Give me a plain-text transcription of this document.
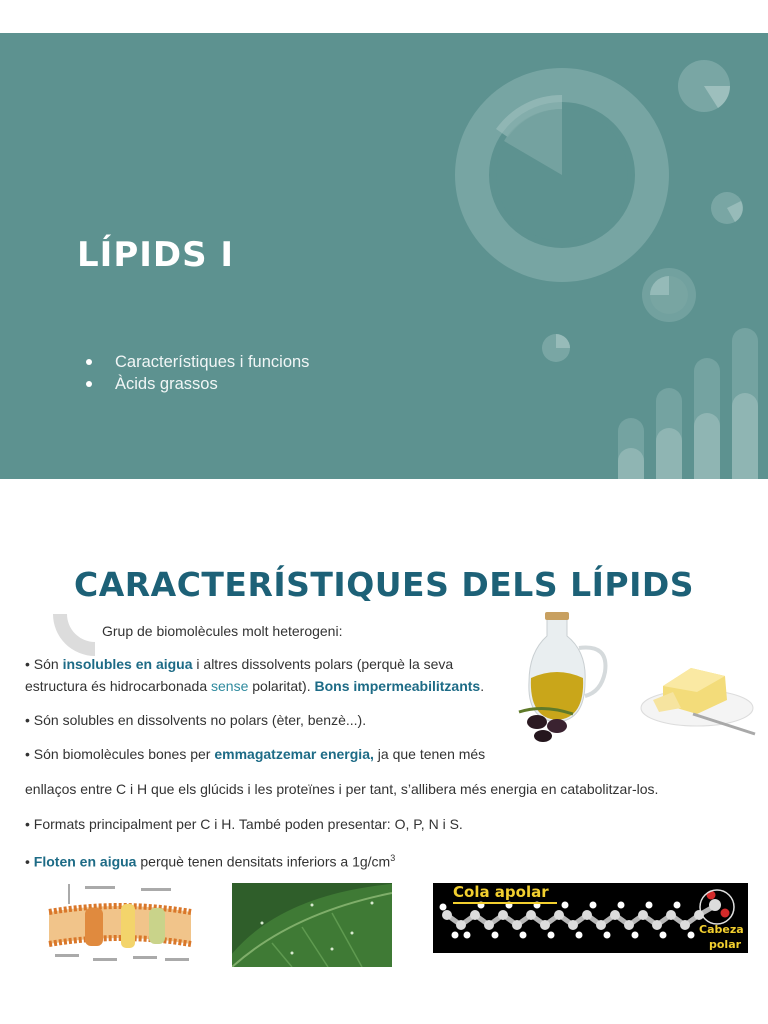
LÍPIDS I
Característiques i funcions
Àcids grassos
CARACTERÍSTIQUES DELS LÍPIDS

Grup de biomolècules molt heterogeni:

• Són insolubles en aigua i altres dissolvents polars (perquè la seva

estructura és hidrocarbonada sense polaritat). Bons impermeabilitzants.

• Són solubles en dissolvents no polars (èter, benzè...).

• Són biomolècules bones per emmagatzemar energia, ja que tenen més

enllaços entre C i H que els glúcids i les proteïnes i per tant, s’allibera més energia en catabolitzar-los.

• Formats principalment per C i H. També poden presentar: O, P, N i S.

• Floten en aigua perquè tenen densitats inferiors a $1g/cm^3$

Cola apolar
Cabeza
polar
